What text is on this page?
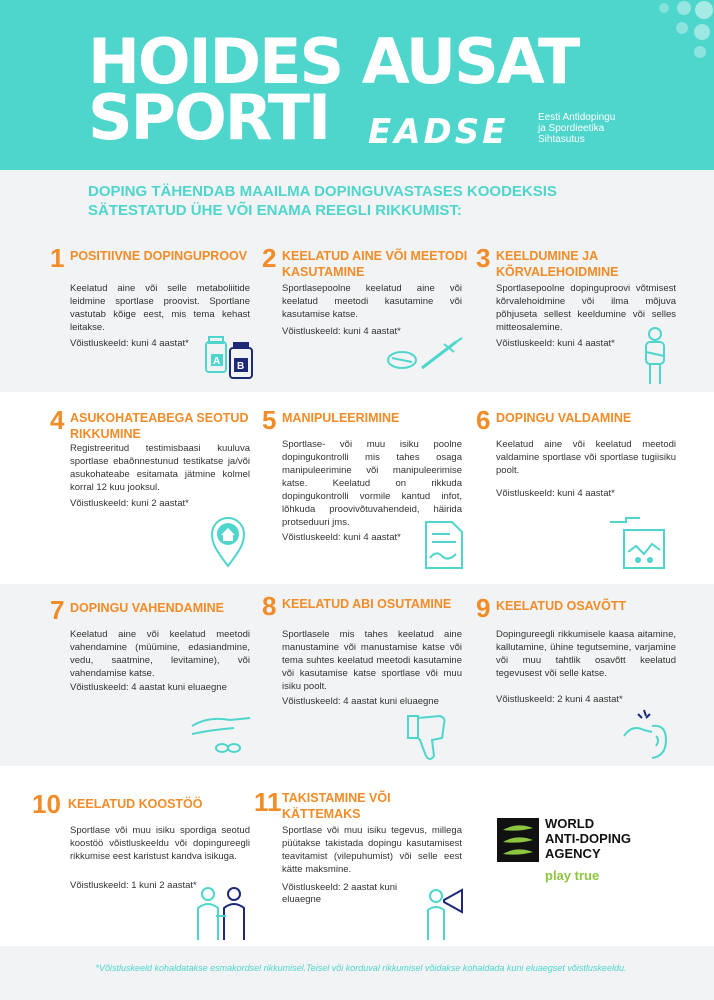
HOIDES AUSAT
SPORTI	EADSE	Eesti Antidopingu
ja Spordieetika
Sihtasutus
DOPING TÄHENDAB MAAILMA DOPINGUVASTASES KOODEKSIS SÄTESTATUD ÜHE VÕI ENAMA REEGLI RIKKUMIST:
1 POSITIIVNE DOPINGUPROOV
Keelatud aine või selle metaboliitide leidmine sportlase proovist. Sportlane vastutab kõige eest, mis tema kehast leitakse.
Võistluskeeld: kuni 4 aastat*
A B
2 KEELATUD AINE VÕI MEETODI KASUTAMINE
Sportlasepoolne keelatud aine või keelatud meetodi kasutamine või kasutamise katse.
Võistluskeeld: kuni 4 aastat*
3 KEELDUMINE JA KÕRVALEHOIDMINE
Sportlasepoolne dopinguproovi võtmisest kõrvalehoidmine või ilma mõjuva põhjuseta sellest keeldumine või selles mitteosalemine.
Võistluskeeld: kuni 4 aastat*
4 ASUKOHATEABEGA SEOTUD RIKKUMINE
Registreeritud testimisbaasi kuuluva sportlase ebaõnnestunud testikatse ja/või asukohateabe esitamata jätmine kolmel korral 12 kuu jooksul.
Võistluskeeld: kuni 2 aastat*
5 MANIPULEERIMINE
Sportlase- või muu isiku poolne dopingukontrolli mis tahes osaga manipuleerimine või manipuleerimise katse. Keelatud on rikkuda dopingukontrolli vormile kantud infot, lõhkuda proovivõtuvahendeid, häirida protseduuri jms.
Võistluskeeld: kuni 4 aastat*
6 DOPINGU VALDAMINE
Keelatud aine või keelatud meetodi valdamine sportlase või sportlase tugiisiku poolt.
Võistluskeeld: kuni 4 aastat*
7 DOPINGU VAHENDAMINE
Keelatud aine või keelatud meetodi vahendamine (müümine, edasiandmine, vedu, saatmine, levitamine), või vahendamise katse.
Võistluskeeld: 4 aastat kuni eluaegne
8 KEELATUD ABI OSUTAMINE
Sportlasele mis tahes keelatud aine manustamine või manustamise katse või tema suhtes keelatud meetodi kasutamine või kasutamise katse sportlase või muu isiku poolt.
Võistluskeeld: 4 aastat kuni eluaegne
9 KEELATUD OSAVÕTT
Dopingureegli rikkumisele kaasa aitamine, kallutamine, ühine tegutsemine, varjamine või muu tahtlik osavõtt keelatud tegevusest või selle katse.
Võistluskeeld: 2 kuni 4 aastat*
10 KEELATUD KOOSTÖÖ
Sportlase või muu isiku spordiga seotud koostöö võistluskeeldu või dopingureegli rikkumise eest karistust kandva isikuga.
Võistluskeeld: 1 kuni 2 aastat*
11 TAKISTAMINE VÕI KÄTTEMAKS
Sportlase või muu isiku tegevus, millega püütakse takistada dopingu kasutamisest teavitamist (vilepuhumist) või selle eest kätte maksmine.
Võistluskeeld: 2 aastat kuni eluaegne
WORLD
ANTI-DOPING
AGENCY
play true
*Võistluskeeld kohaldatakse esmakordsel rikkumisel.Teisel või korduval rikkumisel võidakse kohaldada kuni eluaegset võistluskeeldu.
